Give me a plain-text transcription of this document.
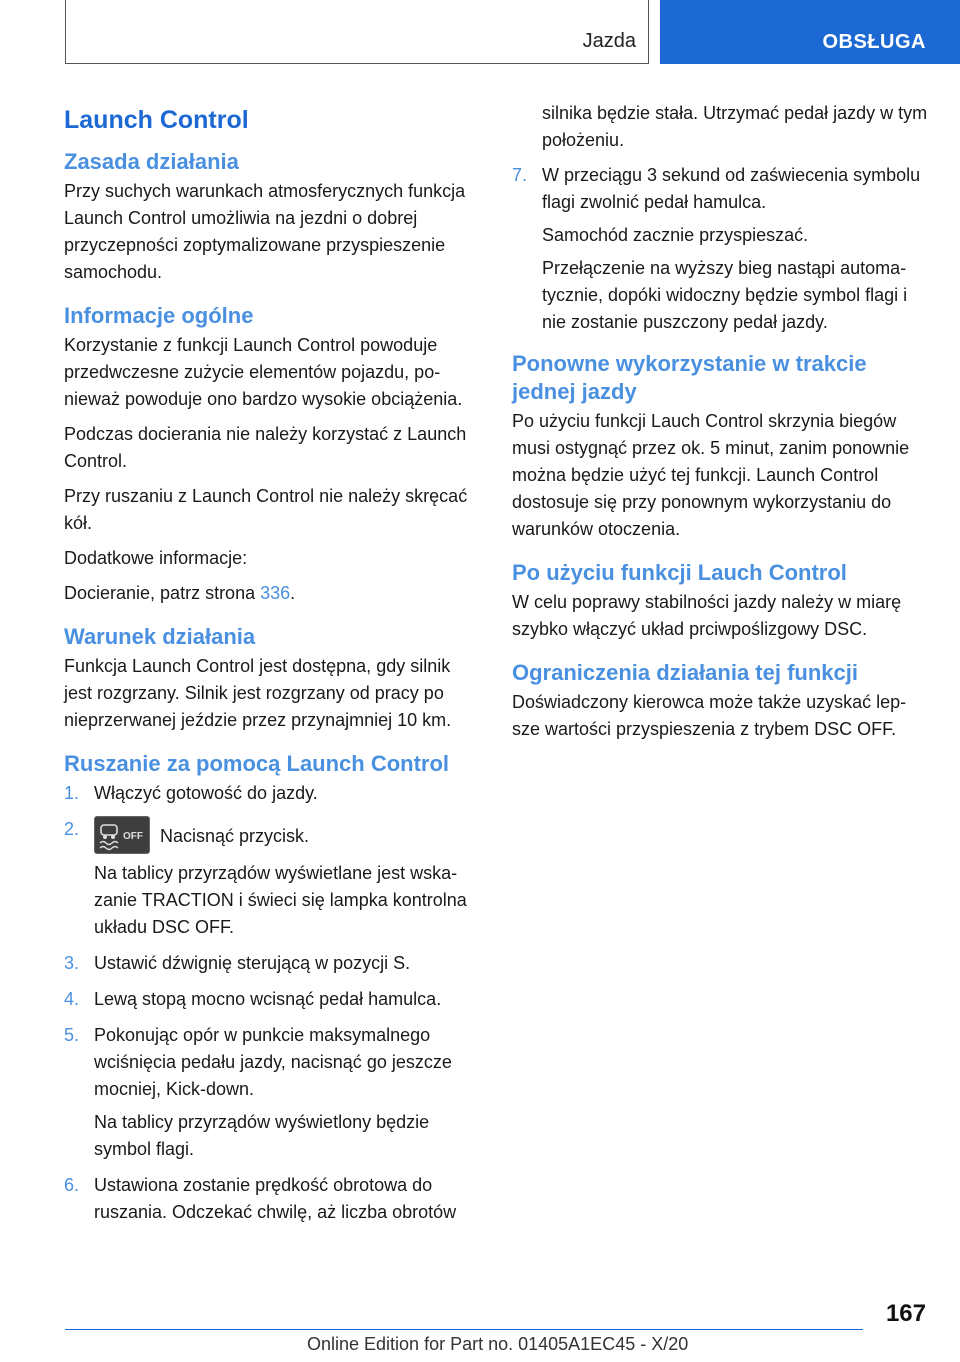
Jazda	OBSŁUGA
Launch Control
Zasada działania

Przy suchych warunkach atmosferycznych funkcja Launch Control umożliwia na jezdni o dobrej przyczepności zoptymalizowane przyspieszenie samochodu.

Informacje ogólne

Korzystanie z funkcji Launch Control powoduje przedwczesne zużycie elementów pojazdu, ponieważ powoduje ono bardzo wysokie obciążenia.

Podczas docierania nie należy korzystać z Launch Control.

Przy ruszaniu z Launch Control nie należy skręcać kół.

Dodatkowe informacje:

Docieranie, patrz strona 336.

Warunek działania

Funkcja Launch Control jest dostępna, gdy silnik jest rozgrzany. Silnik jest rozgrzany od pracy po nieprzerwanej jeździe przez przynajmniej 10 km.

Ruszanie za pomocą Launch Control
1. Włączyć gotowość do jazdy.
2.	OFF Nacisnąć przycisk.

Na tablicy przyrządów wyświetlane jest wskazanie TRACTION i świeci się lampka kontrolna układu DSC OFF.

3. Ustawić dźwignię sterującą w pozycji S.
4. Lewą stopą mocno wcisnąć pedał hamulca.
5. Pokonując opór w punkcie maksymalnego wciśnięcia pedału jazdy, nacisnąć go jeszcze mocniej, Kick-down.

Na tablicy przyrządów wyświetlony będzie symbol flagi.

6. Ustawiona zostanie prędkość obrotowa do ruszania. Odczekać chwilę, aż liczba obrotów

silnika będzie stała. Utrzymać pedał jazdy w tym położeniu.

7. W przeciągu 3 sekund od zaświecenia symbolu flagi zwolnić pedał hamulca.

Samochód zacznie przyspieszać.

Przełączenie na wyższy bieg nastąpi automatycznie, dopóki widoczny będzie symbol flagi i nie zostanie puszczony pedał jazdy.

Ponowne wykorzystanie w trakcie jednej jazdy

Po użyciu funkcji Lauch Control skrzynia biegów musi ostygnąć przez ok. 5 minut, zanim ponownie można będzie użyć tej funkcji. Launch Control dostosuje się przy ponownym wykorzystaniu do warunków otoczenia.

Po użyciu funkcji Lauch Control

W celu poprawy stabilności jazdy należy w miarę szybko włączyć układ prciwpoślizgowy DSC.

Ograniczenia działania tej funkcji

Doświadczony kierowca może także uzyskać lepsze wartości przyspieszenia z trybem DSC OFF.

167
Online Edition for Part no. 01405A1EC45 - X/20
